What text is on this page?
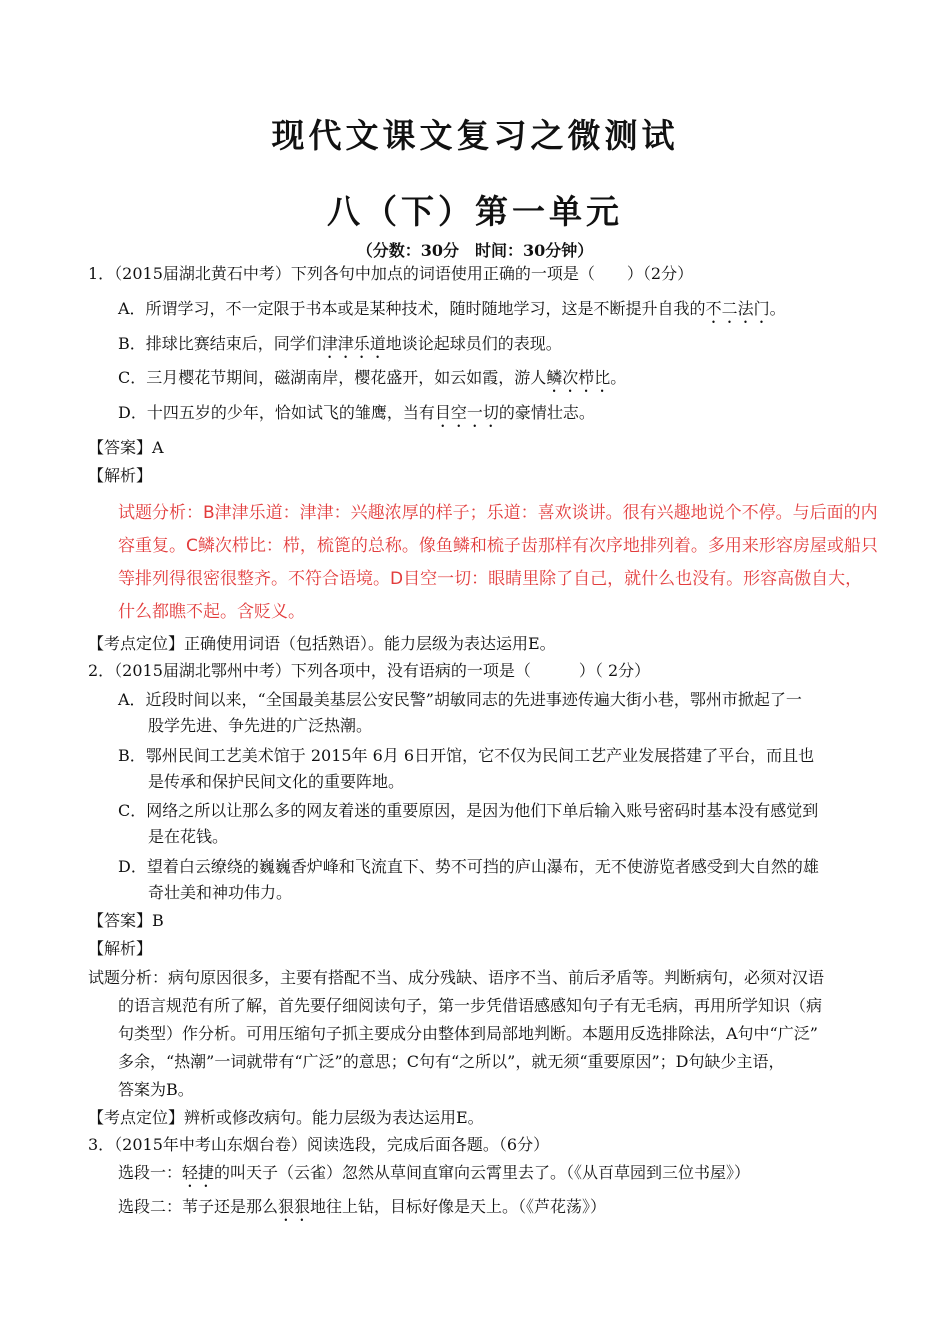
现代文课文复习之微测试
八（下）第一单元
（分数：30分　时间：30分钟）
1．（2015届湖北黄石中考）下列各句中加点的词语使用正确的一项是（　　）（2分）
A．所谓学习，不一定限于书本或是某种技术，随时随地学习，这是不断提升自我的不二法门。
B．排球比赛结束后，同学们津津乐道地谈论起球员们的表现。
C．三月樱花节期间，磁湖南岸，樱花盛开，如云如霞，游人鳞次栉比。
D．十四五岁的少年，恰如试飞的雏鹰，当有目空一切的豪情壮志。
【答案】A
【解析】
试题分析：B津津乐道：津津：兴趣浓厚的样子；乐道：喜欢谈讲。很有兴趣地说个不停。与后面的内容重复。C鳞次栉比：栉，梳篦的总称。像鱼鳞和梳子齿那样有次序地排列着。多用来形容房屋或船只等排列得很密很整齐。不符合语境。D目空一切：眼睛里除了自己，就什么也没有。形容高傲自大，什么都瞧不起。含贬义。
【考点定位】正确使用词语（包括熟语）。能力层级为表达运用E。
2．（2015届湖北鄂州中考）下列各项中，没有语病的一项是（　　　）（ 2分）
A．近段时间以来，“全国最美基层公安民警”胡敏同志的先进事迹传遍大街小巷，鄂州市掀起了一
股学先进、争先进的广泛热潮。
B．鄂州民间工艺美术馆于 2015年 6月 6日开馆，它不仅为民间工艺产业发展搭建了平台，而且也
是传承和保护民间文化的重要阵地。
C．网络之所以让那么多的网友着迷的重要原因，是因为他们下单后输入账号密码时基本没有感觉到
是在花钱。
D．望着白云缭绕的巍巍香炉峰和飞流直下、势不可挡的庐山瀑布，无不使游览者感受到大自然的雄
奇壮美和神功伟力。
【答案】B
【解析】
试题分析：病句原因很多，主要有搭配不当、成分残缺、语序不当、前后矛盾等。判断病句，必须对汉语
的语言规范有所了解，首先要仔细阅读句子，第一步凭借语感感知句子有无毛病，再用所学知识（病
句类型）作分析。可用压缩句子抓主要成分由整体到局部地判断。本题用反选排除法，A句中“广泛”
多余，“热潮”一词就带有“广泛”的意思；C句有“之所以”，就无须“重要原因”；D句缺少主语，
答案为B。
【考点定位】辨析或修改病句。能力层级为表达运用E。
3．（2015年中考山东烟台卷）阅读选段，完成后面各题。（6分）
选段一：轻捷的叫天子（云雀）忽然从草间直窜向云霄里去了。（《从百草园到三位书屋》）
选段二：苇子还是那么狠狠地往上钻，目标好像是天上。（《芦花荡》）
